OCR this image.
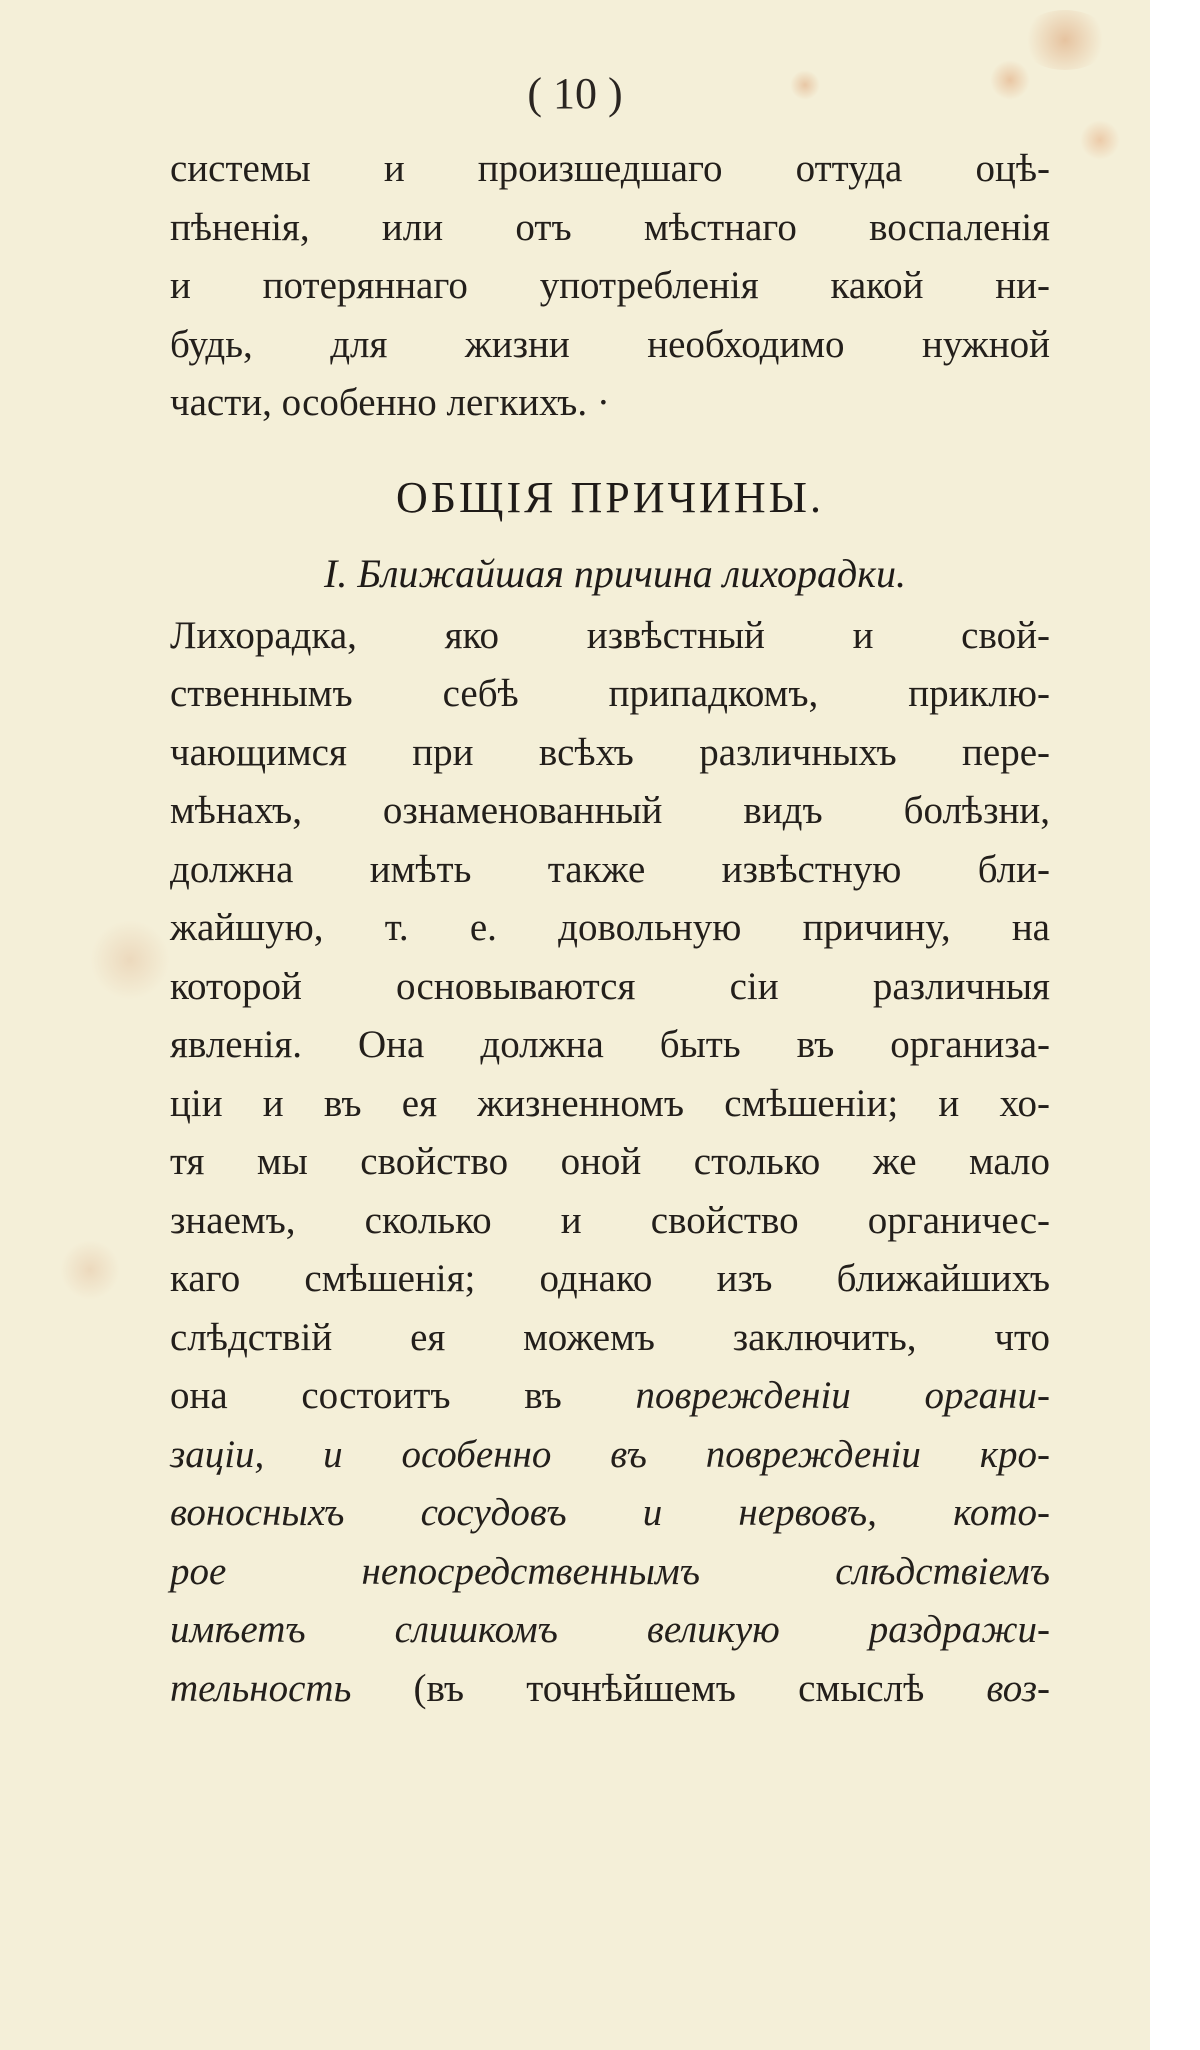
( 10 )
системы и произшедшаго оттуда оцѣ-
пѣненія, или отъ мѣстнаго воспаленія
и потеряннаго употребленія какой ни-
будь, для жизни необходимо нужной
части, особенно легкихъ. ·
ОБЩІЯ ПРИЧИНЫ.
I. Ближайшая причина лихорадки.
Лихорадка, яко извѣстный и свой-
ственнымъ себѣ припадкомъ, приклю-
чающимся при всѣхъ различныхъ пере-
мѣнахъ, ознаменованный видъ болѣзни,
должна имѣть также извѣстную бли-
жайшую, т. е. довольную причину, на
которой основываются сіи различныя
явленія. Она должна быть въ организа-
ціи и въ ея жизненномъ смѣшеніи; и хо-
тя мы свойство оной столько же мало
знаемъ, сколько и свойство органичес-
каго смѣшенія; однако изъ ближайшихъ
слѣдствій ея можемъ заключить, что
она состоитъ въ поврежденіи органи-
заціи, и особенно въ поврежденіи кро-
воносныхъ сосудовъ и нервовъ, кото-
рое непосредственнымъ слѣдствіемъ
имѣетъ слишкомъ великую раздражи-
тельность (въ точнѣйшемъ смыслѣ воз-
